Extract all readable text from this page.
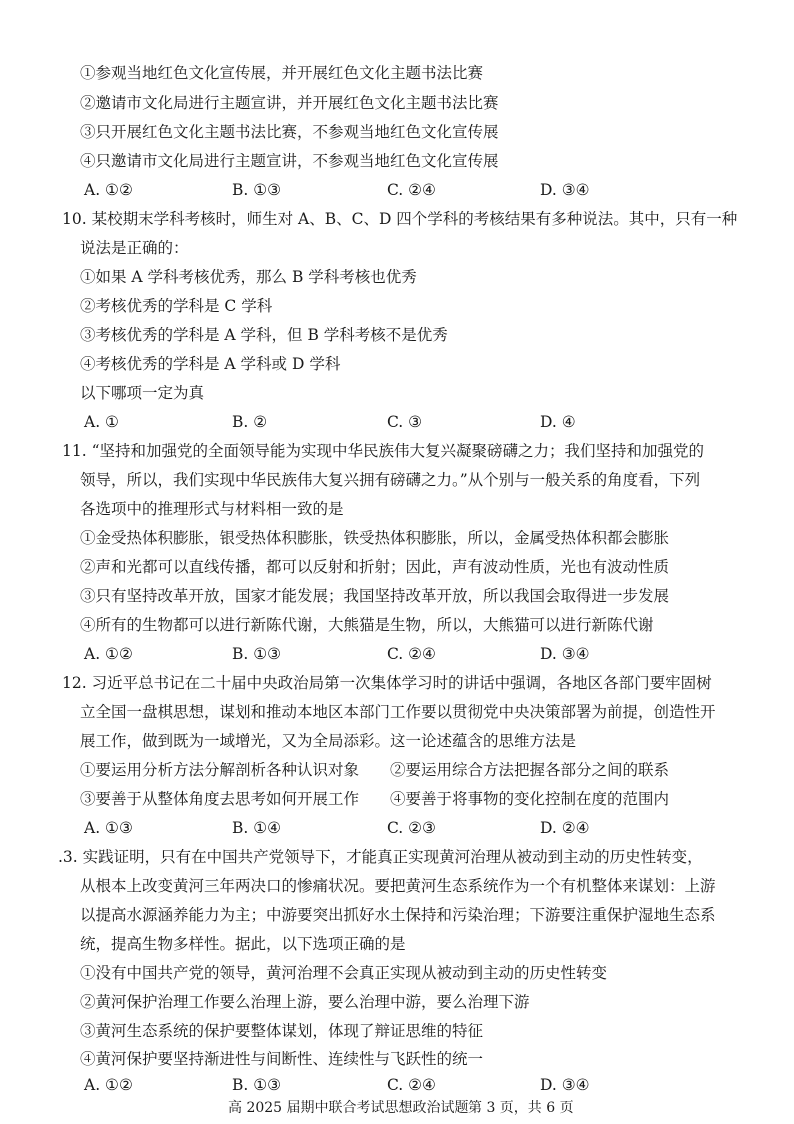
①参观当地红色文化宣传展，并开展红色文化主题书法比赛
②邀请市文化局进行主题宣讲，并开展红色文化主题书法比赛
③只开展红色文化主题书法比赛，不参观当地红色文化宣传展
④只邀请市文化局进行主题宣讲，不参观当地红色文化宣传展
A. ①②	B. ①③	C. ②④	D. ③④
10. 某校期末学科考核时，师生对 A、B、C、D 四个学科的考核结果有多种说法。其中，只有一种
说法是正确的：
①如果 A 学科考核优秀，那么 B 学科考核也优秀
②考核优秀的学科是 C 学科
③考核优秀的学科是 A 学科，但 B 学科考核不是优秀
④考核优秀的学科是 A 学科或 D 学科
以下哪项一定为真
A. ①	B. ②	C. ③	D. ④
11. “坚持和加强党的全面领导能为实现中华民族伟大复兴凝聚磅礴之力；我们坚持和加强党的
领导，所以，我们实现中华民族伟大复兴拥有磅礴之力。”从个别与一般关系的角度看，下列
各选项中的推理形式与材料相一致的是
①金受热体积膨胀，银受热体积膨胀，铁受热体积膨胀，所以，金属受热体积都会膨胀
②声和光都可以直线传播，都可以反射和折射；因此，声有波动性质，光也有波动性质
③只有坚持改革开放，国家才能发展；我国坚持改革开放，所以我国会取得进一步发展
④所有的生物都可以进行新陈代谢，大熊猫是生物，所以，大熊猫可以进行新陈代谢
A. ①②	B. ①③	C. ②④	D. ③④
12. 习近平总书记在二十届中央政治局第一次集体学习时的讲话中强调，各地区各部门要牢固树
立全国一盘棋思想，谋划和推动本地区本部门工作要以贯彻党中央决策部署为前提，创造性开
展工作，做到既为一域增光，又为全局添彩。这一论述蕴含的思维方法是
①要运用分析方法分解剖析各种认识对象 ②要运用综合方法把握各部分之间的联系
③要善于从整体角度去思考如何开展工作 ④要善于将事物的变化控制在度的范围内
A. ①③	B. ①④	C. ②③	D. ②④
.3. 实践证明，只有在中国共产党领导下，才能真正实现黄河治理从被动到主动的历史性转变，
从根本上改变黄河三年两决口的惨痛状况。要把黄河生态系统作为一个有机整体来谋划：上游
以提高水源涵养能力为主；中游要突出抓好水土保持和污染治理；下游要注重保护湿地生态系
统，提高生物多样性。据此，以下选项正确的是
①没有中国共产党的领导，黄河治理不会真正实现从被动到主动的历史性转变
②黄河保护治理工作要么治理上游，要么治理中游，要么治理下游
③黄河生态系统的保护要整体谋划，体现了辩证思维的特征
④黄河保护要坚持渐进性与间断性、连续性与飞跃性的统一
A. ①②	B. ①③	C. ②④	D. ③④
高 2025 届期中联合考试思想政治试题 第 3 页，共 6 页
